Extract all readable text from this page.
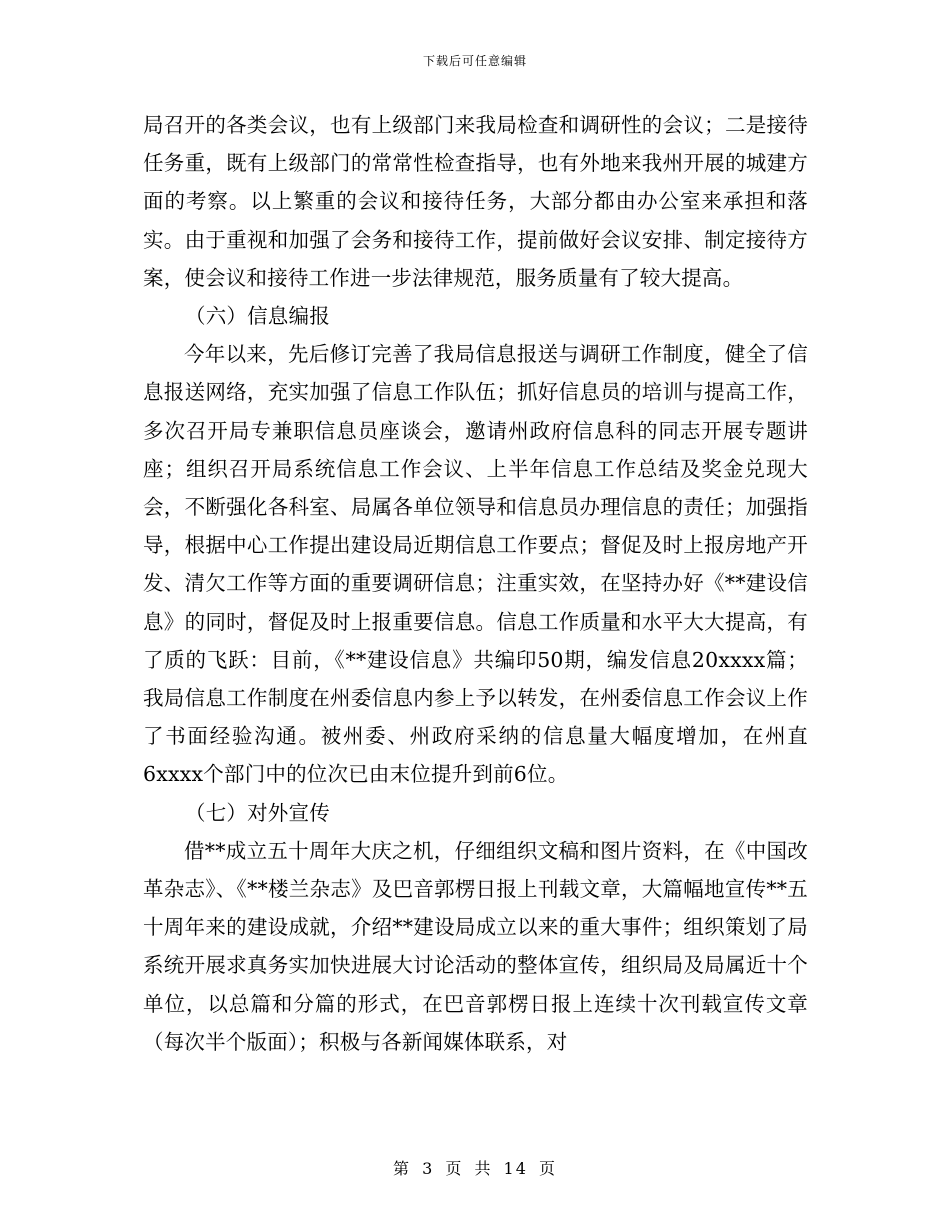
下载后可任意编辑

局召开的各类会议，也有上级部门来我局检查和调研性的会议；二是接待任务重，既有上级部门的常常性检查指导，也有外地来我州开展的城建方面的考察。以上繁重的会议和接待任务，大部分都由办公室来承担和落实。由于重视和加强了会务和接待工作，提前做好会议安排、制定接待方案，使会议和接待工作进一步法律规范，服务质量有了较大提高。

（六）信息编报

今年以来，先后修订完善了我局信息报送与调研工作制度，健全了信息报送网络，充实加强了信息工作队伍；抓好信息员的培训与提高工作，多次召开局专兼职信息员座谈会，邀请州政府信息科的同志开展专题讲座；组织召开局系统信息工作会议、上半年信息工作总结及奖金兑现大会，不断强化各科室、局属各单位领导和信息员办理信息的责任；加强指导，根据中心工作提出建设局近期信息工作要点；督促及时上报房地产开发、清欠工作等方面的重要调研信息；注重实效，在坚持办好《**建设信息》的同时，督促及时上报重要信息。信息工作质量和水平大大提高，有了质的飞跃：目前，《**建设信息》共编印50期，编发信息20xxxx篇；我局信息工作制度在州委信息内参上予以转发，在州委信息工作会议上作了书面经验沟通。被州委、州政府采纳的信息量大幅度增加，在州直6xxxx个部门中的位次已由末位提升到前6位。

（七）对外宣传

借**成立五十周年大庆之机，仔细组织文稿和图片资料，在《中国改革杂志》、《**楼兰杂志》及巴音郭楞日报上刊载文章，大篇幅地宣传**五十周年来的建设成就，介绍**建设局成立以来的重大事件；组织策划了局系统开展求真务实加快进展大讨论活动的整体宣传，组织局及局属近十个单位，以总篇和分篇的形式，在巴音郭楞日报上连续十次刊载宣传文章（每次半个版面）；积极与各新闻媒体联系，对

第 3 页 共 14 页
